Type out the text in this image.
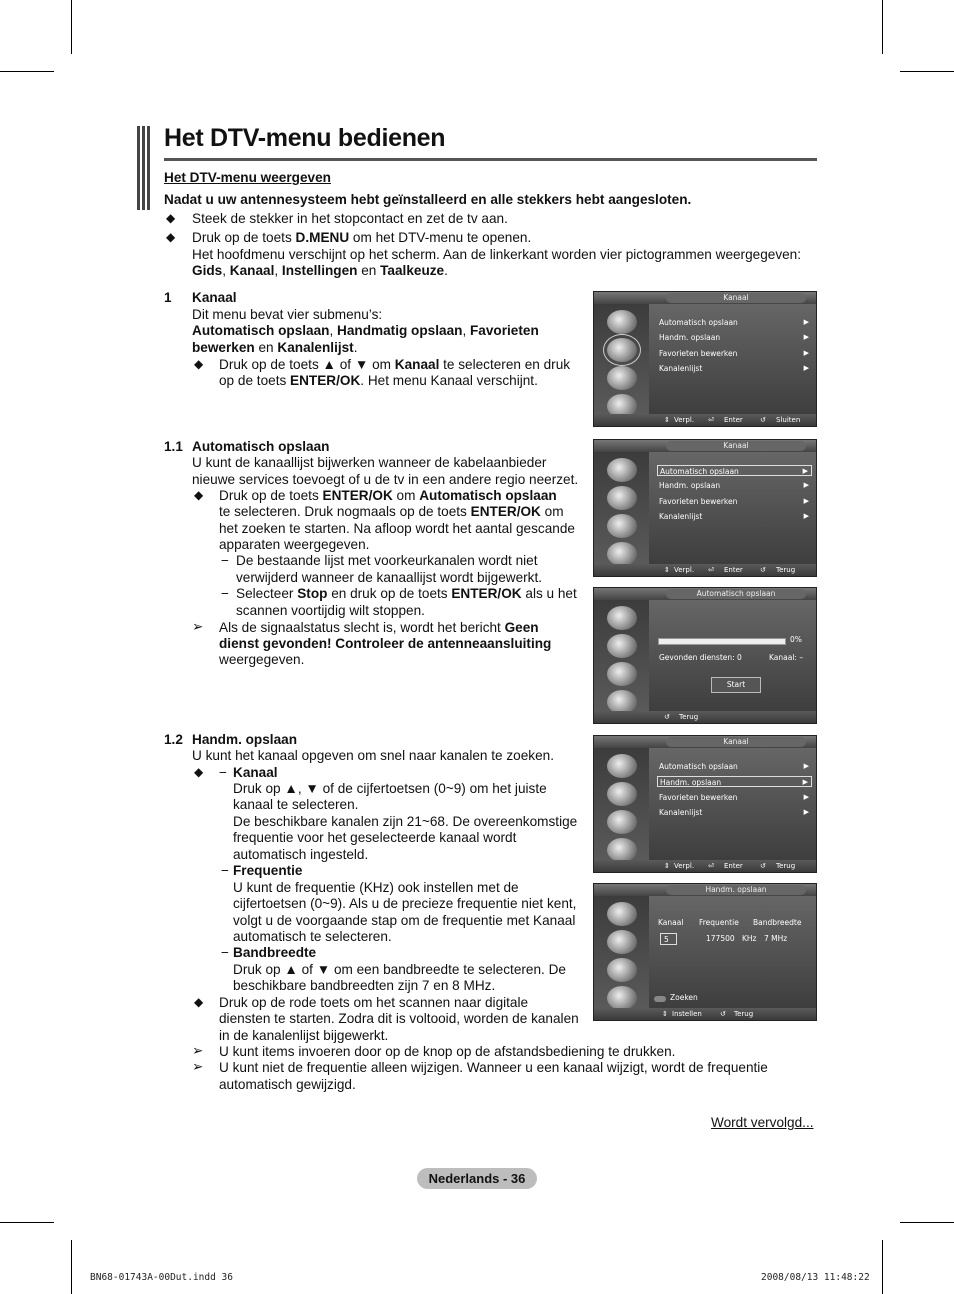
Het DTV-menu bedienen
Het DTV-menu weergeven
Nadat u uw antennesysteem hebt geïnstalleerd en alle stekkers hebt aangesloten.
◆ Steek de stekker in het stopcontact en zet de tv aan.
◆ Druk op de toets D.MENU om het DTV-menu te openen.
Het hoofdmenu verschijnt op het scherm. Aan de linkerkant worden vier pictogrammen weergegeven:
Gids, Kanaal, Instellingen en Taalkeuze.
1 Kanaal
Dit menu bevat vier submenu’s:
Automatisch opslaan, Handmatig opslaan, Favorieten
bewerken en Kanalenlijst.
◆ Druk op de toets ▲ of ▼ om Kanaal te selecteren en druk
op de toets ENTER/OK. Het menu Kanaal verschijnt.
1.1 Automatisch opslaan
U kunt de kanaallijst bijwerken wanneer de kabelaanbieder
nieuwe services toevoegt of u de tv in een andere regio neerzet.
◆ Druk op de toets ENTER/OK om Automatisch opslaan
te selecteren. Druk nogmaals op de toets ENTER/OK om
het zoeken te starten. Na afloop wordt het aantal gescande
apparaten weergegeven.
− De bestaande lijst met voorkeurkanalen wordt niet
verwijderd wanneer de kanaallijst wordt bijgewerkt.
− Selecteer Stop en druk op de toets ENTER/OK als u het
scannen voortijdig wilt stoppen.
➢ Als de signaalstatus slecht is, wordt het bericht Geen
dienst gevonden! Controleer de antenneaansluiting
weergegeven.
1.2 Handm. opslaan
U kunt het kanaal opgeven om snel naar kanalen te zoeken.
◆ − Kanaal
Druk op ▲, ▼ of de cijfertoetsen (0~9) om het juiste
kanaal te selecteren.
De beschikbare kanalen zijn 21~68. De overeenkomstige
frequentie voor het geselecteerde kanaal wordt
automatisch ingesteld.
− Frequentie
U kunt de frequentie (KHz) ook instellen met de
cijfertoetsen (0~9). Als u de precieze frequentie niet kent,
volgt u de voorgaande stap om de frequentie met Kanaal
automatisch te selecteren.
− Bandbreedte
Druk op ▲ of ▼ om een bandbreedte te selecteren. De
beschikbare bandbreedten zijn 7 en 8 MHz.
◆ Druk op de rode toets om het scannen naar digitale
diensten te starten. Zodra dit is voltooid, worden de kanalen
in de kanalenlijst bijgewerkt.
➢ U kunt items invoeren door op de knop op de afstandsbediening te drukken.
➢ U kunt niet de frequentie alleen wijzigen. Wanneer u een kanaal wijzigt, wordt de frequentie
automatisch gewijzigd.
Wordt vervolgd...
Nederlands - 36
BN68-01743A-00Dut.indd 36	2008/08/13 11:48:22
Kanaal
Automatisch opslaan	▶
Handm. opslaan	▶
Favorieten bewerken	▶
Kanalenlijst	▶
⇕ Verpl. ⏎ Enter ↺ Sluiten
Kanaal
Automatisch opslaan	▶
Handm. opslaan	▶
Favorieten bewerken	▶
Kanalenlijst	▶
⇕ Verpl. ⏎ Enter ↺ Terug
Automatisch opslaan
0%
Gevonden diensten: 0	Kanaal: –
Start
↺ Terug
Kanaal
Automatisch opslaan	▶
Handm. opslaan	▶
Favorieten bewerken	▶
Kanalenlijst	▶
⇕ Verpl. ⏎ Enter ↺ Terug
Handm. opslaan
Kanaal Frequentie Bandbreedte
5	177500 KHz 7 MHz
Zoeken
⇕ Instellen	↺ Terug
